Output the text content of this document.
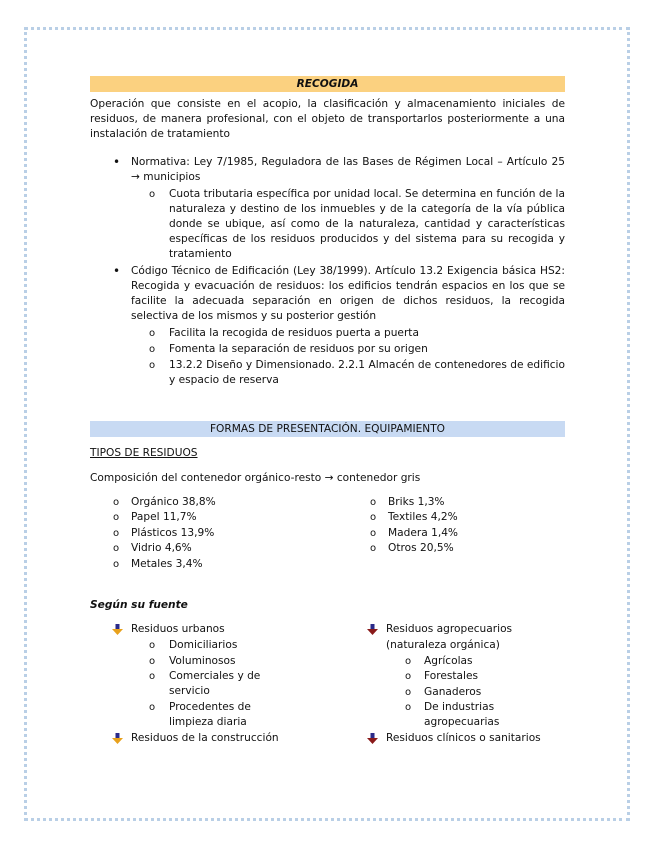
RECOGIDA

Operación que consiste en el acopio, la clasificación y almacenamiento iniciales de residuos, de manera profesional, con el objeto de transportarlos posteriormente a una instalación de tratamiento

• Normativa: Ley 7/1985, Reguladora de las Bases de Régimen Local – Artículo 25 → municipios

o Cuota tributaria específica por unidad local. Se determina en función de la naturaleza y destino de los inmuebles y de la categoría de la vía pública donde se ubique, así como de la naturaleza, cantidad y características específicas de los residuos producidos y del sistema para su recogida y tratamiento

• Código Técnico de Edificación (Ley 38/1999). Artículo 13.2 Exigencia básica HS2: Recogida y evacuación de residuos: los edificios tendrán espacios en los que se facilite la adecuada separación en origen de dichos residuos, la recogida selectiva de los mismos y su posterior gestión

o Facilita la recogida de residuos puerta a puerta

o Fomenta la separación de residuos por su origen

o 13.2.2 Diseño y Dimensionado. 2.2.1 Almacén de contenedores de edificio y espacio de reserva

FORMAS DE PRESENTACIÓN. EQUIPAMIENTO

TIPOS DE RESIDUOS

Composición del contenedor orgánico-resto → contenedor gris

o Orgánico 38,8%
o Papel 11,7%
o Plásticos 13,9%
o Vidrio 4,6%
o Metales 3,4%
o Briks 1,3%
o Textiles 4,2%
o Madera 1,4%
o Otros 20,5%

Según su fuente

Residuos urbanos
o Domiciliarios
o Voluminosos
o Comerciales y de servicio
o Procedentes de limpieza diaria
Residuos de la construcción
Residuos agropecuarios
(naturaleza orgánica)
o Agrícolas
o Forestales
o Ganaderos
o De industrias agropecuarias
Residuos clínicos o sanitarios
